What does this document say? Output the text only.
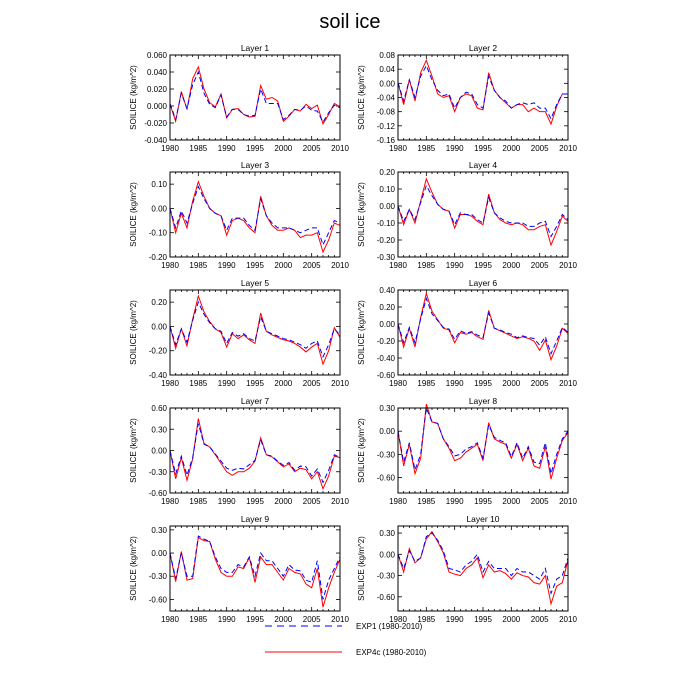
soil ice
Layer 1
SOILICE (kg/m^2)
-0.040
-0.020
0.000
0.020
0.040
0.060
1980 1985 1990 1995 2000 2005 2010
Layer 2
SOILICE (kg/m^2)
-0.16
-0.12
-0.08
-0.04
0.00
0.04
0.08
1980 1985 1990 1995 2000 2005 2010
Layer 3
SOILICE (kg/m^2)
-0.20
-0.10
0.00
0.10
1980 1985 1990 1995 2000 2005 2010
Layer 4
SOILICE (kg/m^2)
-0.30
-0.20
-0.10
0.00
0.10
0.20
1980 1985 1990 1995 2000 2005 2010
Layer 5
SOILICE (kg/m^2)
-0.40
-0.20
0.00
0.20
1980 1985 1990 1995 2000 2005 2010
Layer 6
SOILICE (kg/m^2)
-0.60
-0.40
-0.20
0.00
0.20
0.40
1980 1985 1990 1995 2000 2005 2010
Layer 7
SOILICE (kg/m^2)
-0.60
-0.30
0.00
0.30
0.60
1980 1985 1990 1995 2000 2005 2010
Layer 8
SOILICE (kg/m^2) -0.60
-0.30
0.00
0.30
1980 1985 1990 1995 2000 2005 2010
Layer 9
SOILICE (kg/m^2) -0.60
-0.30
0.00
0.30
1980 1985 1990 1995 2000 2005 2010
Layer 10
SOILICE (kg/m^2) -0.60
-0.30
0.00
0.30
1980 1985 1990 1995 2000 2005 2010
EXP1 (1980-2010)
EXP4c (1980-2010)
